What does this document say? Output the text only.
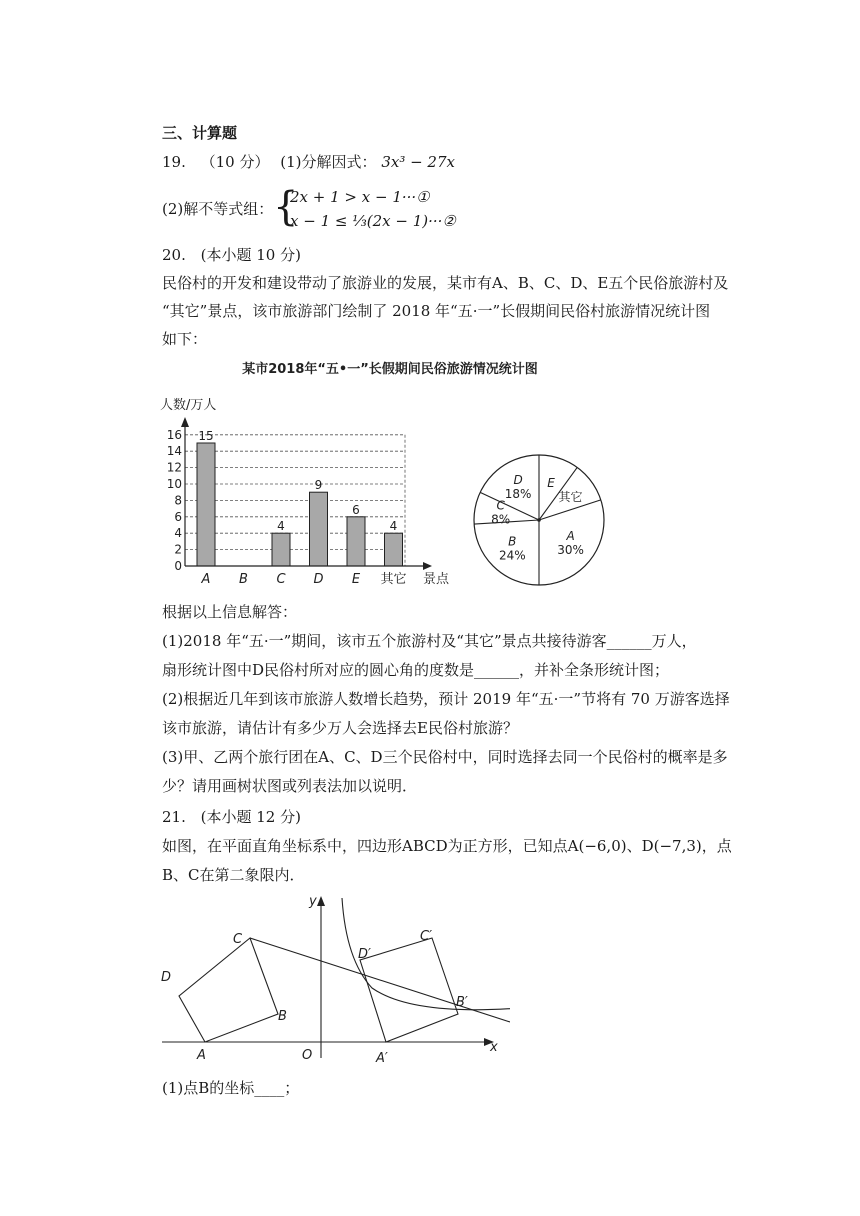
三、计算题
19. （10 分） (1)分解因式： 3x³ − 27x
(2)解不等式组： {
2x + 1 > x − 1···①
x − 1 ≤ ⅓(2x − 1)···②
20. (本小题 10 分)
民俗村的开发和建设带动了旅游业的发展，某市有A、B、C、D、E五个民俗旅游村及
“其它”景点，该市旅游部门绘制了 2018 年“五·一”长假期间民俗村旅游情况统计图
如下：
某市2018年“五•一”长假期间民俗旅游情况统计图
人数/万人
15
4
9
6
4
0
2
4
6
8
10
12
14
16
A B C D E 其它 景点
E
其它
A
30%
B
24%
C
8%
D
18%
根据以上信息解答：
(1)2018 年“五·一”期间，该市五个旅游村及“其它”景点共接待游客______万人，
扇形统计图中D民俗村所对应的圆心角的度数是______，并补全条形统计图；
(2)根据近几年到该市旅游人数增长趋势，预计 2019 年“五·一”节将有 70 万游客选择
该市旅游，请估计有多少万人会选择去E民俗村旅游？
(3)甲、乙两个旅行团在A、C、D三个民俗村中，同时选择去同一个民俗村的概率是多
少？请用画树状图或列表法加以说明．
21. (本小题 12 分)
如图，在平面直角坐标系中，四边形ABCD为正方形，已知点A(−6,0)、D(−7,3)，点
B、C在第二象限内．
A
B
C
D
O
x
y
A′
B′
C′
D′
(1)点B的坐标____；
